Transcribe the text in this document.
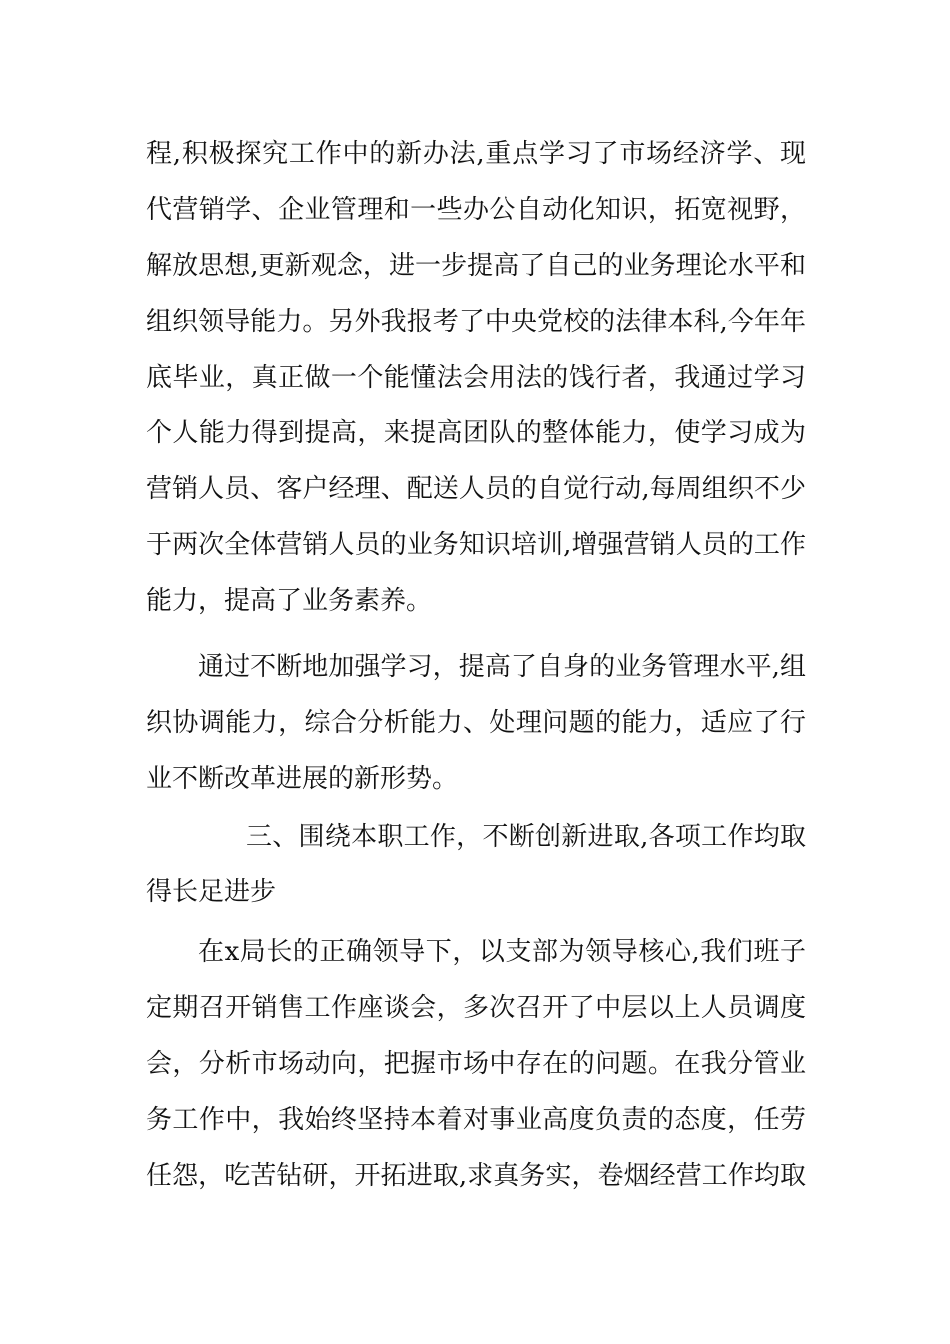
程,积极探究工作中的新办法,重点学习了市场经济学、现
代营销学、企业管理和一些办公自动化知识，拓宽视野，
解放思想,更新观念，进一步提高了自己的业务理论水平和
组织领导能力。另外我报考了中央党校的法律本科,今年年
底毕业，真正做一个能懂法会用法的饯行者，我通过学习
个人能力得到提高，来提高团队的整体能力，使学习成为
营销人员、客户经理、配送人员的自觉行动,每周组织不少
于两次全体营销人员的业务知识培训,增强营销人员的工作
能力，提高了业务素养。
通过不断地加强学习，提高了自身的业务管理水平,组
织协调能力，综合分析能力、处理问题的能力，适应了行
业不断改革进展的新形势。
三、围绕本职工作，不断创新进取,各项工作均取
得长足进步
在x局长的正确领导下，以支部为领导核心,我们班子
定期召开销售工作座谈会，多次召开了中层以上人员调度
会，分析市场动向，把握市场中存在的问题。在我分管业
务工作中，我始终坚持本着对事业高度负责的态度，任劳
任怨，吃苦钻研，开拓进取,求真务实，卷烟经营工作均取
